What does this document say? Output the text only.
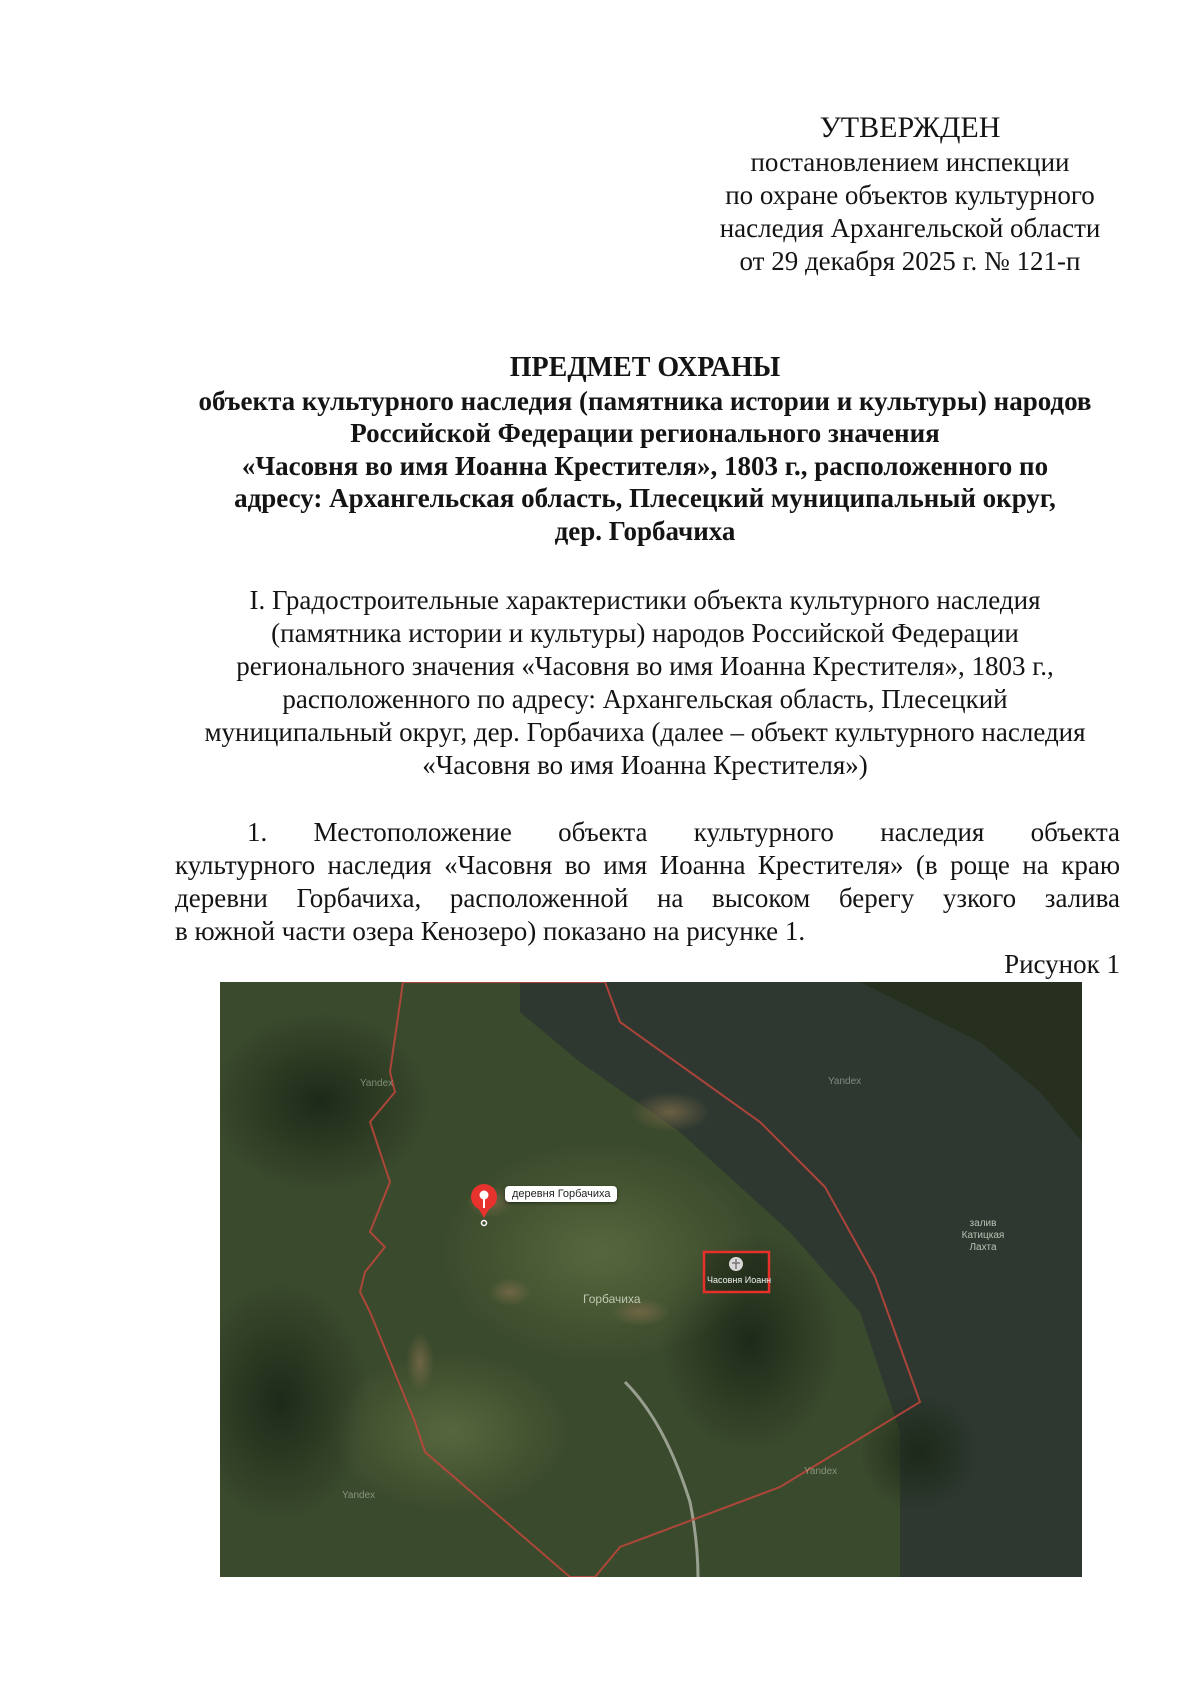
УТВЕРЖДЕН
постановлением инспекции
по охране объектов культурного
наследия Архангельской области
от 29 декабря 2025 г. № 121-п
ПРЕДМЕТ ОХРАНЫ
объекта культурного наследия (памятника истории и культуры) народов
Российской Федерации регионального значения
«Часовня во имя Иоанна Крестителя», 1803 г., расположенного по
адресу: Архангельская область, Плесецкий муниципальный округ,
дер. Горбачиха
I. Градостроительные характеристики объекта культурного наследия
(памятника истории и культуры) народов Российской Федерации
регионального значения «Часовня во имя Иоанна Крестителя», 1803 г.,
расположенного по адресу: Архангельская область, Плесецкий
муниципальный округ, дер. Горбачиха (далее – объект культурного наследия
«Часовня во имя Иоанна Крестителя»)
1. Местоположение объекта культурного наследия объекта
культурного наследия «Часовня во имя Иоанна Крестителя» (в роще на краю
деревни Горбачиха, расположенной на высоком берегу узкого залива
в южной части озера Кенозеро) показано на рисунке 1.
Рисунок 1
деревня Горбачиха
Горбачиха
Часовня Иоанн
залив
Катицкая
Лахта
Yandex	Yandex
Yandex
Yandex
